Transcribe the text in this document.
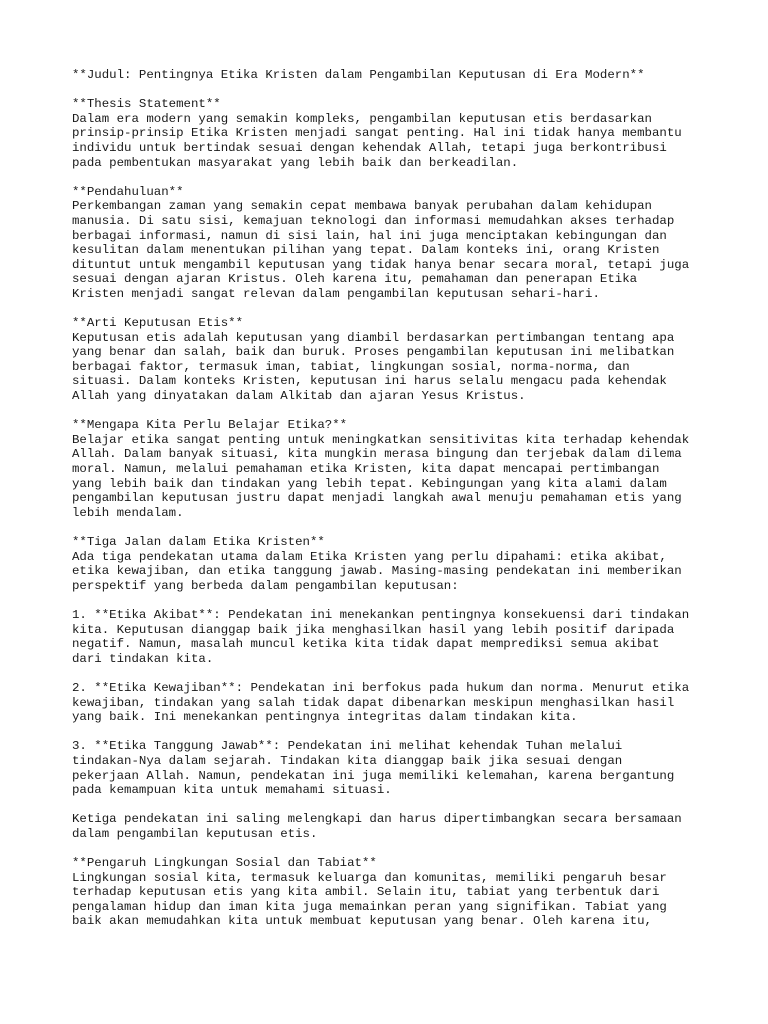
**Judul: Pentingnya Etika Kristen dalam Pengambilan Keputusan di Era Modern**
**Thesis Statement**
Dalam era modern yang semakin kompleks, pengambilan keputusan etis berdasarkan
prinsip-prinsip Etika Kristen menjadi sangat penting. Hal ini tidak hanya membantu
individu untuk bertindak sesuai dengan kehendak Allah, tetapi juga berkontribusi
pada pembentukan masyarakat yang lebih baik dan berkeadilan.
**Pendahuluan**
Perkembangan zaman yang semakin cepat membawa banyak perubahan dalam kehidupan
manusia. Di satu sisi, kemajuan teknologi dan informasi memudahkan akses terhadap
berbagai informasi, namun di sisi lain, hal ini juga menciptakan kebingungan dan
kesulitan dalam menentukan pilihan yang tepat. Dalam konteks ini, orang Kristen
dituntut untuk mengambil keputusan yang tidak hanya benar secara moral, tetapi juga
sesuai dengan ajaran Kristus. Oleh karena itu, pemahaman dan penerapan Etika
Kristen menjadi sangat relevan dalam pengambilan keputusan sehari-hari.
**Arti Keputusan Etis**
Keputusan etis adalah keputusan yang diambil berdasarkan pertimbangan tentang apa
yang benar dan salah, baik dan buruk. Proses pengambilan keputusan ini melibatkan
berbagai faktor, termasuk iman, tabiat, lingkungan sosial, norma-norma, dan
situasi. Dalam konteks Kristen, keputusan ini harus selalu mengacu pada kehendak
Allah yang dinyatakan dalam Alkitab dan ajaran Yesus Kristus.
**Mengapa Kita Perlu Belajar Etika?**
Belajar etika sangat penting untuk meningkatkan sensitivitas kita terhadap kehendak
Allah. Dalam banyak situasi, kita mungkin merasa bingung dan terjebak dalam dilema
moral. Namun, melalui pemahaman etika Kristen, kita dapat mencapai pertimbangan
yang lebih baik dan tindakan yang lebih tepat. Kebingungan yang kita alami dalam
pengambilan keputusan justru dapat menjadi langkah awal menuju pemahaman etis yang
lebih mendalam.
**Tiga Jalan dalam Etika Kristen**
Ada tiga pendekatan utama dalam Etika Kristen yang perlu dipahami: etika akibat,
etika kewajiban, dan etika tanggung jawab. Masing-masing pendekatan ini memberikan
perspektif yang berbeda dalam pengambilan keputusan:
1. **Etika Akibat**: Pendekatan ini menekankan pentingnya konsekuensi dari tindakan
kita. Keputusan dianggap baik jika menghasilkan hasil yang lebih positif daripada
negatif. Namun, masalah muncul ketika kita tidak dapat memprediksi semua akibat
dari tindakan kita.
2. **Etika Kewajiban**: Pendekatan ini berfokus pada hukum dan norma. Menurut etika
kewajiban, tindakan yang salah tidak dapat dibenarkan meskipun menghasilkan hasil
yang baik. Ini menekankan pentingnya integritas dalam tindakan kita.
3. **Etika Tanggung Jawab**: Pendekatan ini melihat kehendak Tuhan melalui
tindakan-Nya dalam sejarah. Tindakan kita dianggap baik jika sesuai dengan
pekerjaan Allah. Namun, pendekatan ini juga memiliki kelemahan, karena bergantung
pada kemampuan kita untuk memahami situasi.
Ketiga pendekatan ini saling melengkapi dan harus dipertimbangkan secara bersamaan
dalam pengambilan keputusan etis.
**Pengaruh Lingkungan Sosial dan Tabiat**
Lingkungan sosial kita, termasuk keluarga dan komunitas, memiliki pengaruh besar
terhadap keputusan etis yang kita ambil. Selain itu, tabiat yang terbentuk dari
pengalaman hidup dan iman kita juga memainkan peran yang signifikan. Tabiat yang
baik akan memudahkan kita untuk membuat keputusan yang benar. Oleh karena itu,
